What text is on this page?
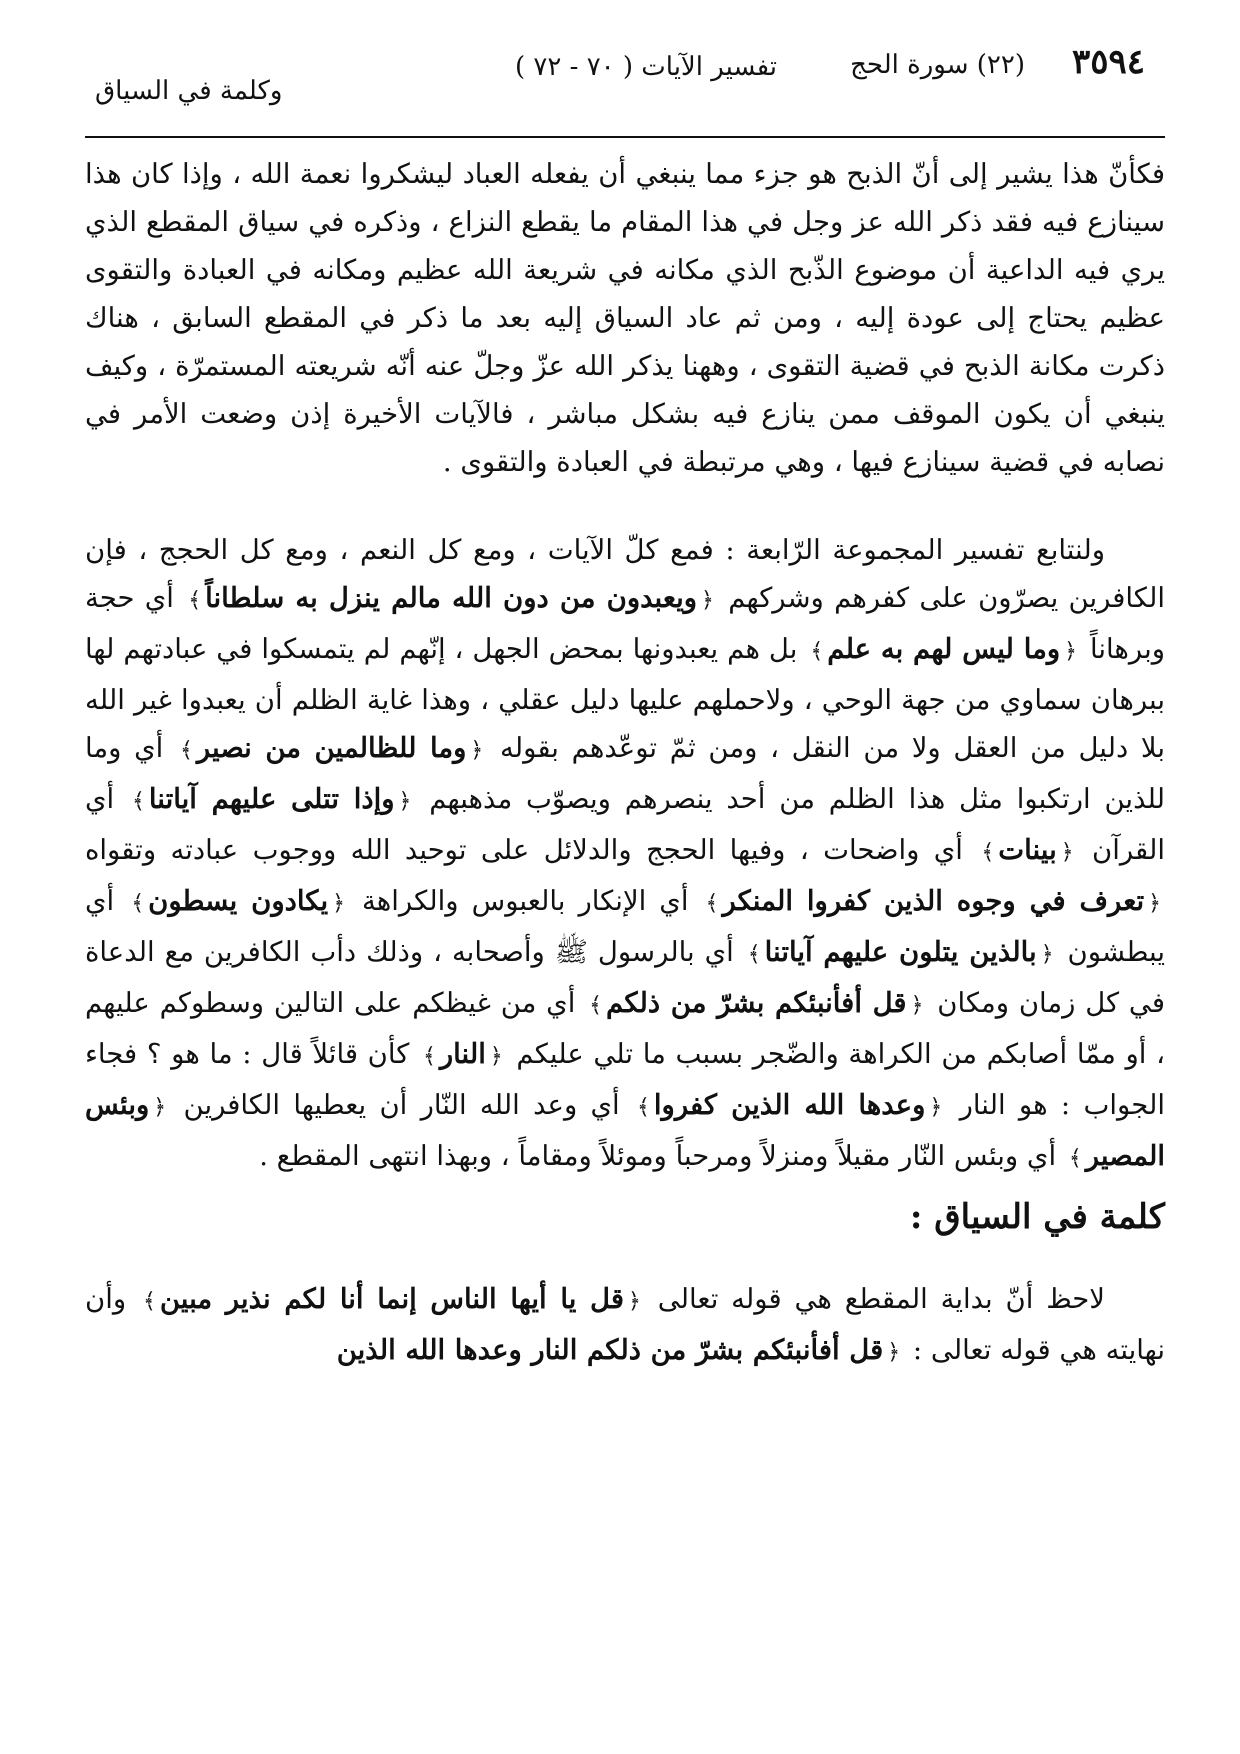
٣٥٩٤
(٢٢) سورة الحج
تفسير الآيات ( ٧٠ - ٧٢ )
وكلمة في السياق

فكأنّ هذا يشير إلى أنّ الذبح هو جزء مما ينبغي أن يفعله العباد ليشكروا نعمة الله ، وإذا كان هذا سينازع فيه فقد ذكر الله عز وجل في هذا المقام ما يقطع النزاع ، وذكره في سياق المقطع الذي يري فيه الداعية أن موضوع الذّبح الذي مكانه في شريعة الله عظيم ومكانه في العبادة والتقوى عظيم يحتاج إلى عودة إليه ، ومن ثم عاد السياق إليه بعد ما ذكر في المقطع السابق ، هناك ذكرت مكانة الذبح في قضية التقوى ، وههنا يذكر الله عزّ وجلّ عنه أنّه شريعته المستمرّة ، وكيف ينبغي أن يكون الموقف ممن ينازع فيه بشكل مباشر ، فالآيات الأخيرة إذن وضعت الأمر في نصابه في قضية سينازع فيها ، وهي مرتبطة في العبادة والتقوى .

ولنتابع تفسير المجموعة الرّابعة : فمع كلّ الآيات ، ومع كل النعم ، ومع كل الحجج ، فإن الكافرين يصرّون على كفرهم وشركهم ﴿ويعبدون من دون الله مالم ينزل به سلطاناً﴾ أي حجة وبرهاناً ﴿وما ليس لهم به علم﴾ بل هم يعبدونها بمحض الجهل ، إنّهم لم يتمسكوا في عبادتهم لها ببرهان سماوي من جهة الوحي ، ولاحملهم عليها دليل عقلي ، وهذا غاية الظلم أن يعبدوا غير الله بلا دليل من العقل ولا من النقل ، ومن ثمّ توعّدهم بقوله ﴿وما للظالمين من نصير﴾ أي وما للذين ارتكبوا مثل هذا الظلم من أحد ينصرهم ويصوّب مذهبهم ﴿وإذا تتلى عليهم آياتنا﴾ أي القرآن ﴿بينات﴾ أي واضحات ، وفيها الحجج والدلائل على توحيد الله ووجوب عبادته وتقواه ﴿تعرف في وجوه الذين كفروا المنكر﴾ أي الإنكار بالعبوس والكراهة ﴿يكادون يسطون﴾ أي يبطشون ﴿بالذين يتلون عليهم آياتنا﴾ أي بالرسول ﷺ وأصحابه ، وذلك دأب الكافرين مع الدعاة في كل زمان ومكان ﴿قل أفأنبئكم بشرّ من ذلكم﴾ أي من غيظكم على التالين وسطوكم عليهم ، أو ممّا أصابكم من الكراهة والضّجر بسبب ما تلي عليكم ﴿النار﴾ كأن قائلاً قال : ما هو ؟ فجاء الجواب : هو النار ﴿وعدها الله الذين كفروا﴾ أي وعد الله النّار أن يعطيها الكافرين ﴿وبئس المصير﴾ أي وبئس النّار مقيلاً ومنزلاً ومرحباً وموئلاً ومقاماً ، وبهذا انتهى المقطع .

كلمة في السياق :

لاحظ أنّ بداية المقطع هي قوله تعالى ﴿قل يا أيها الناس إنما أنا لكم نذير مبين﴾ وأن نهايته هي قوله تعالى : ﴿قل أفأنبئكم بشرّ من ذلكم النار وعدها الله الذين
